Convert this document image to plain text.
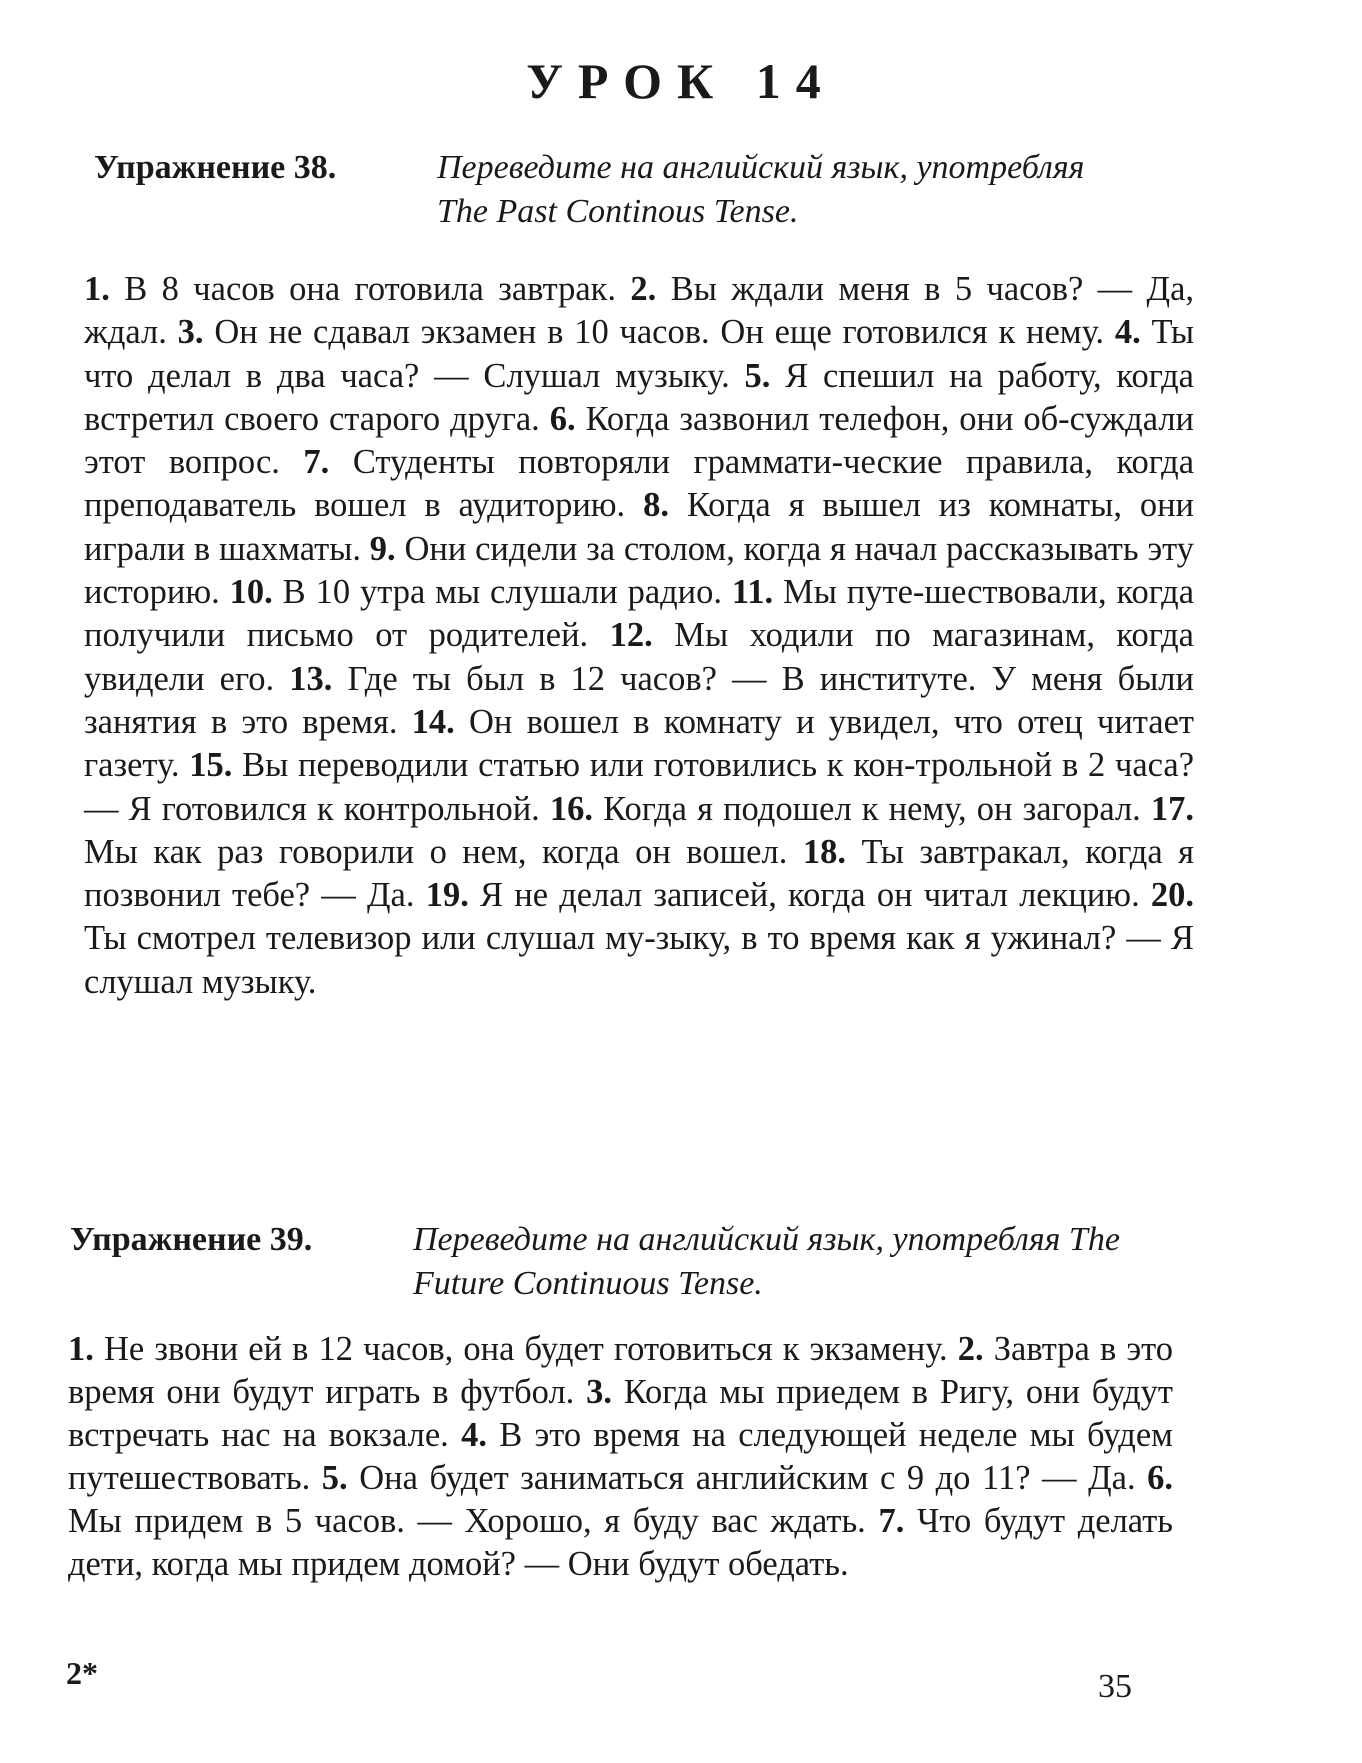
УРОК 14
Упражнение 38.	Переведите на английский язык, употребляя The Past Continous Tense.

1. В 8 часов она готовила завтрак. 2. Вы ждали меня в 5 часов? — Да, ждал. 3. Он не сдавал экзамен в 10 часов. Он еще готовился к нему. 4. Ты что делал в два часа? — Слушал музыку. 5. Я спешил на работу, когда встретил своего старого друга. 6. Когда зазвонил телефон, они об-суждали этот вопрос. 7. Студенты повторяли граммати-ческие правила, когда преподаватель вошел в аудиторию. 8. Когда я вышел из комнаты, они играли в шахматы. 9. Они сидели за столом, когда я начал рассказывать эту историю. 10. В 10 утра мы слушали радио. 11. Мы путе-шествовали, когда получили письмо от родителей. 12. Мы ходили по магазинам, когда увидели его. 13. Где ты был в 12 часов? — В институте. У меня были занятия в это время. 14. Он вошел в комнату и увидел, что отец читает газету. 15. Вы переводили статью или готовились к кон-трольной в 2 часа? — Я готовился к контрольной. 16. Когда я подошел к нему, он загорал. 17. Мы как раз говорили о нем, когда он вошел. 18. Ты завтракал, когда я позвонил тебе? — Да. 19. Я не делал записей, когда он читал лекцию. 20. Ты смотрел телевизор или слушал му-зыку, в то время как я ужинал? — Я слушал музыку.

Упражнение 39.	Переведите на английский язык, употребляя The Future Continuous Tense.

1. Не звони ей в 12 часов, она будет готовиться к экзамену. 2. Завтра в это время они будут играть в футбол. 3. Когда мы приедем в Ригу, они будут встречать нас на вокзале. 4. В это время на следующей неделе мы будем путешествовать. 5. Она будет заниматься английским с 9 до 11? — Да. 6. Мы придем в 5 часов. — Хорошо, я буду вас ждать. 7. Что будут делать дети, когда мы придем домой? — Они будут обедать.

2*	35
